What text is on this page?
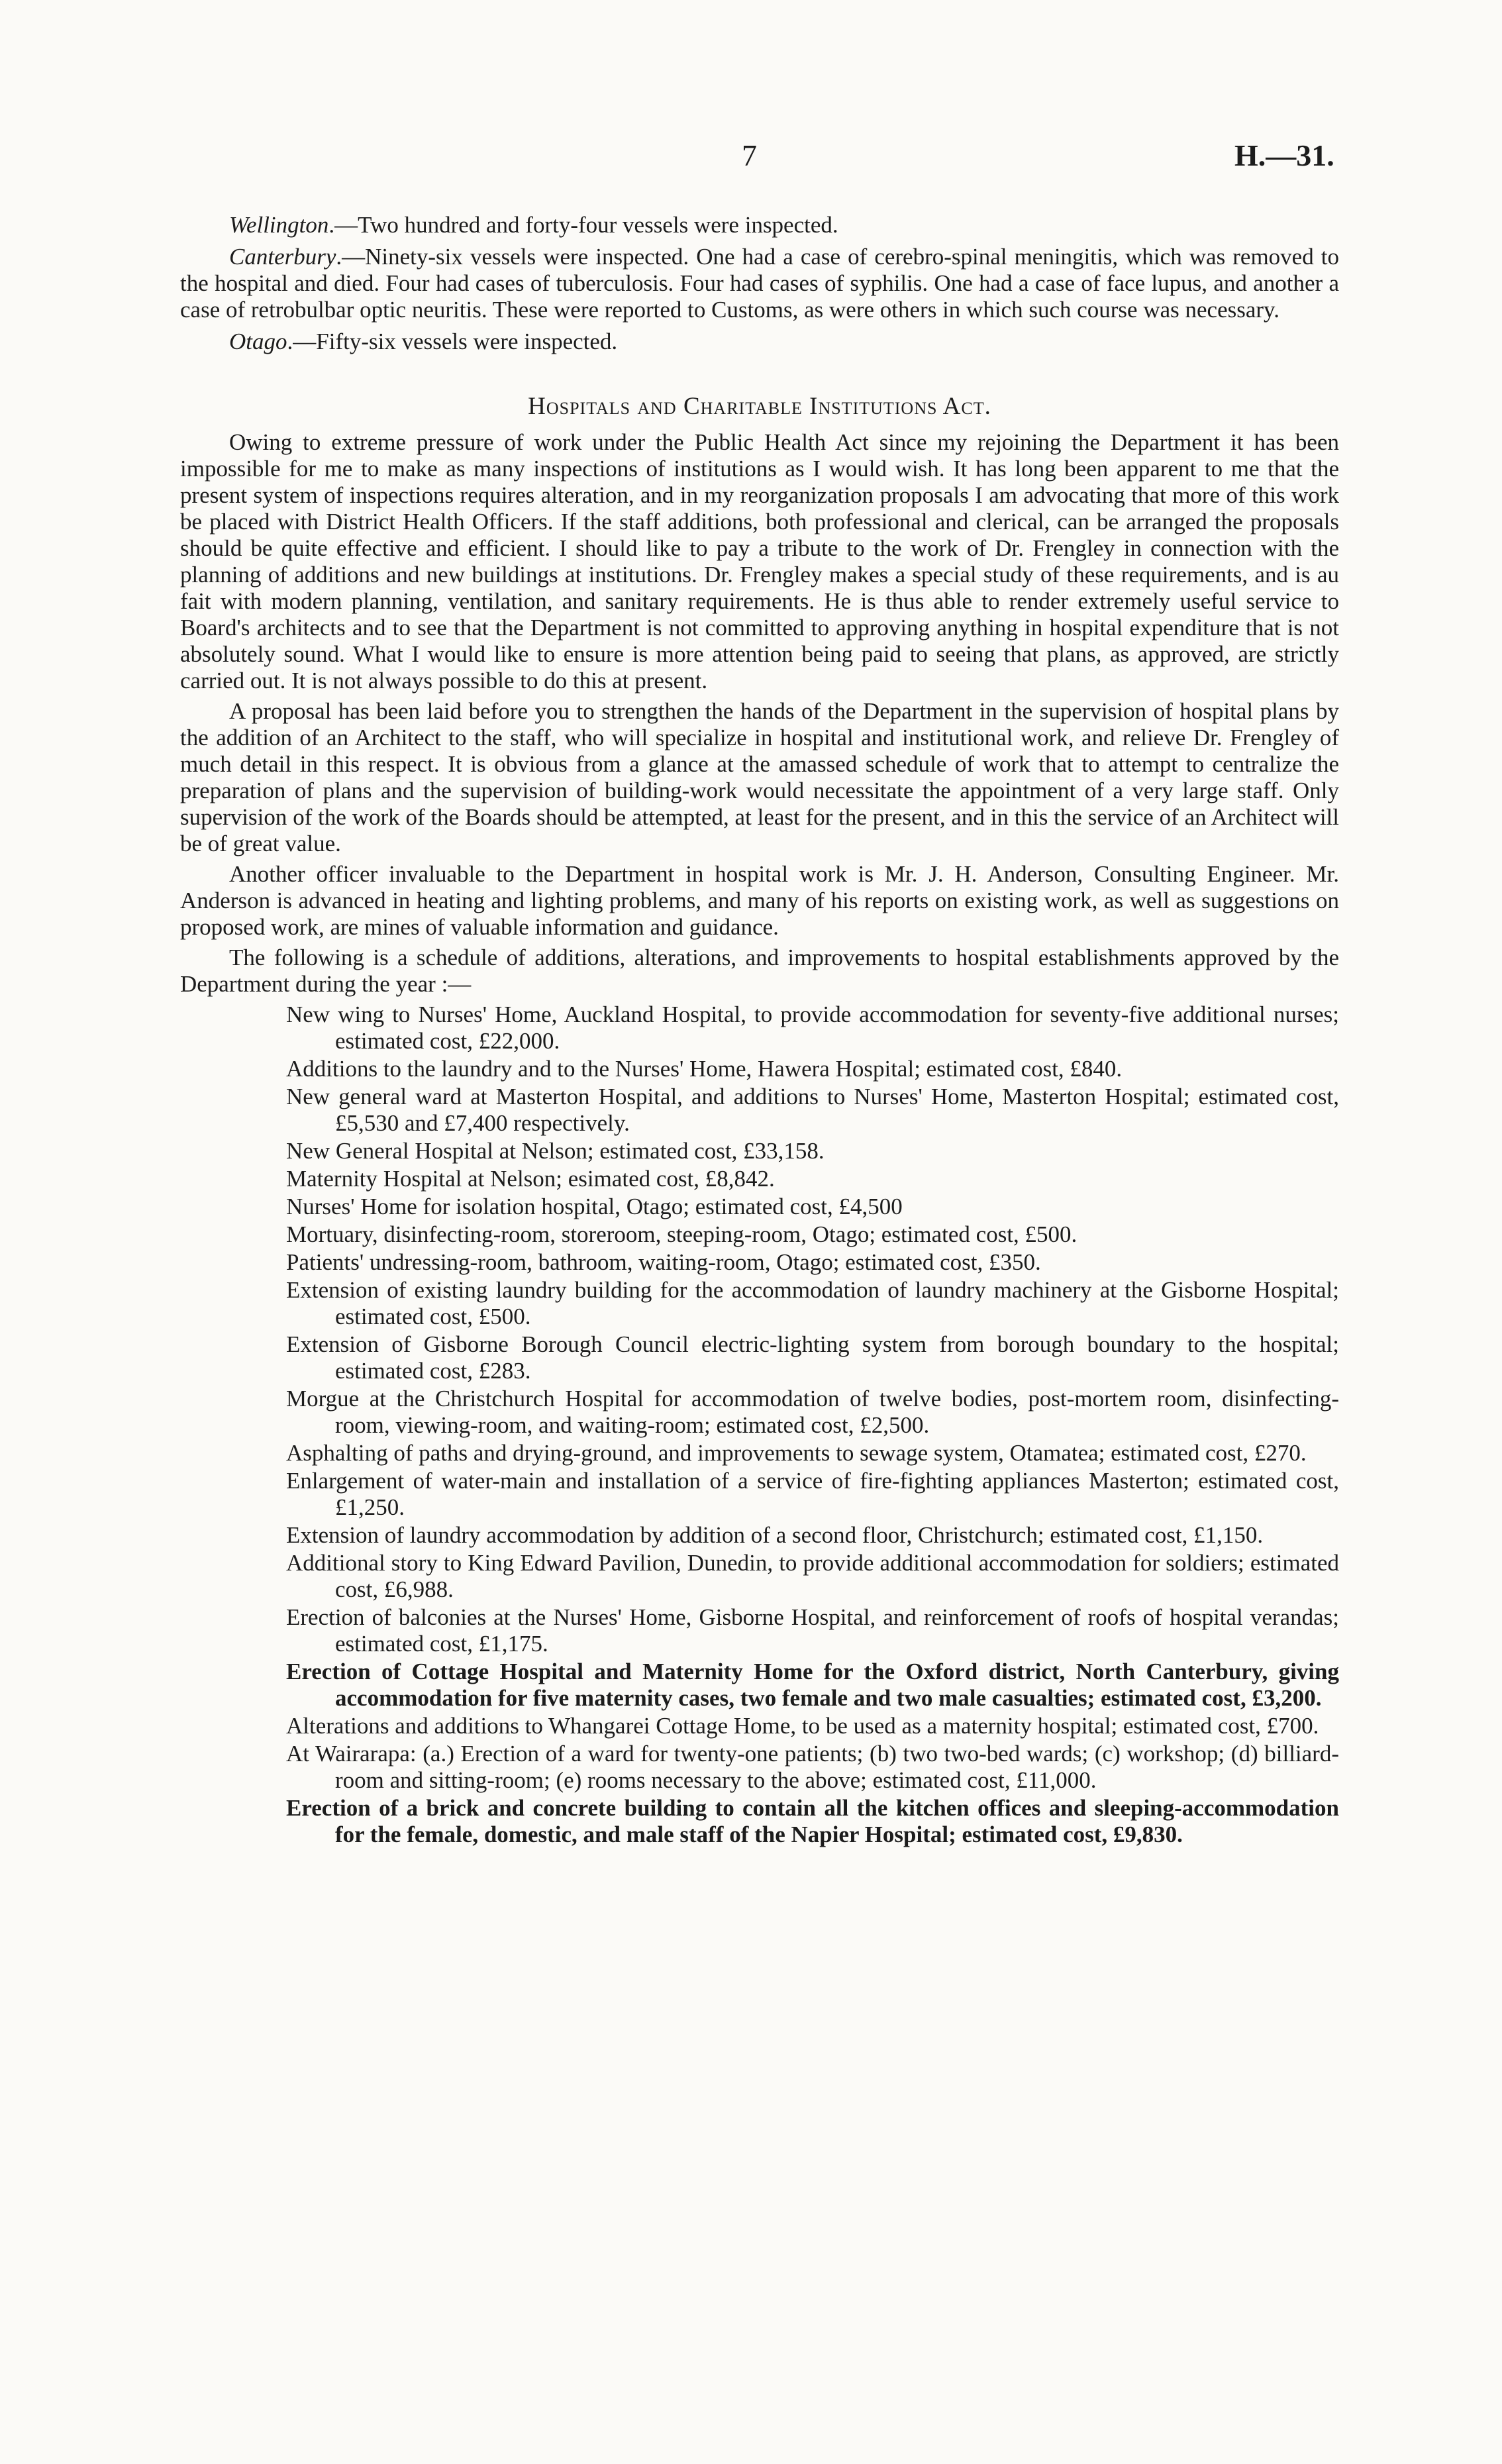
7	H.—31.
Wellington.—Two hundred and forty-four vessels were inspected.

Canterbury.—Ninety-six vessels were inspected. One had a case of cerebro-spinal meningitis, which was removed to the hospital and died. Four had cases of tuberculosis. Four had cases of syphilis. One had a case of face lupus, and another a case of retrobulbar optic neuritis. These were reported to Customs, as were others in which such course was necessary.

Otago.—Fifty-six vessels were inspected.

Hospitals and Charitable Institutions Act.

Owing to extreme pressure of work under the Public Health Act since my rejoining the Department it has been impossible for me to make as many inspections of institutions as I would wish. It has long been apparent to me that the present system of inspections requires alteration, and in my reorganization proposals I am advocating that more of this work be placed with District Health Officers. If the staff additions, both professional and clerical, can be arranged the proposals should be quite effective and efficient. I should like to pay a tribute to the work of Dr. Frengley in connection with the planning of additions and new buildings at institutions. Dr. Frengley makes a special study of these requirements, and is au fait with modern planning, ventilation, and sanitary requirements. He is thus able to render extremely useful service to Board's architects and to see that the Department is not committed to approving anything in hospital expenditure that is not absolutely sound. What I would like to ensure is more attention being paid to seeing that plans, as approved, are strictly carried out. It is not always possible to do this at present.

A proposal has been laid before you to strengthen the hands of the Department in the supervision of hospital plans by the addition of an Architect to the staff, who will specialize in hospital and institutional work, and relieve Dr. Frengley of much detail in this respect. It is obvious from a glance at the amassed schedule of work that to attempt to centralize the preparation of plans and the supervision of building-work would necessitate the appointment of a very large staff. Only supervision of the work of the Boards should be attempted, at least for the present, and in this the service of an Architect will be of great value.

Another officer invaluable to the Department in hospital work is Mr. J. H. Anderson, Consulting Engineer. Mr. Anderson is advanced in heating and lighting problems, and many of his reports on existing work, as well as suggestions on proposed work, are mines of valuable information and guidance.

The following is a schedule of additions, alterations, and improvements to hospital establishments approved by the Department during the year :—

New wing to Nurses' Home, Auckland Hospital, to provide accommodation for seventy-five additional nurses; estimated cost, £22,000.
Additions to the laundry and to the Nurses' Home, Hawera Hospital; estimated cost, £840.
New general ward at Masterton Hospital, and additions to Nurses' Home, Masterton Hospital; estimated cost, £5,530 and £7,400 respectively.
New General Hospital at Nelson; estimated cost, £33,158.
Maternity Hospital at Nelson; esimated cost, £8,842.
Nurses' Home for isolation hospital, Otago; estimated cost, £4,500
Mortuary, disinfecting-room, storeroom, steeping-room, Otago; estimated cost, £500.
Patients' undressing-room, bathroom, waiting-room, Otago; estimated cost, £350.
Extension of existing laundry building for the accommodation of laundry machinery at the Gisborne Hospital; estimated cost, £500.
Extension of Gisborne Borough Council electric-lighting system from borough boundary to the hospital; estimated cost, £283.
Morgue at the Christchurch Hospital for accommodation of twelve bodies, post-mortem room, disinfecting-room, viewing-room, and waiting-room; estimated cost, £2,500.
Asphalting of paths and drying-ground, and improvements to sewage system, Otamatea; estimated cost, £270.
Enlargement of water-main and installation of a service of fire-fighting appliances Masterton; estimated cost, £1,250.
Extension of laundry accommodation by addition of a second floor, Christchurch; estimated cost, £1,150.
Additional story to King Edward Pavilion, Dunedin, to provide additional accommodation for soldiers; estimated cost, £6,988.
Erection of balconies at the Nurses' Home, Gisborne Hospital, and reinforcement of roofs of hospital verandas; estimated cost, £1,175.
Erection of Cottage Hospital and Maternity Home for the Oxford district, North Canterbury, giving accommodation for five maternity cases, two female and two male casualties; estimated cost, £3,200.
Alterations and additions to Whangarei Cottage Home, to be used as a maternity hospital; estimated cost, £700.
At Wairarapa: (a.) Erection of a ward for twenty-one patients; (b) two two-bed wards; (c) workshop; (d) billiard-room and sitting-room; (e) rooms necessary to the above; estimated cost, £11,000.
Erection of a brick and concrete building to contain all the kitchen offices and sleeping-accommodation for the female, domestic, and male staff of the Napier Hospital; estimated cost, £9,830.
